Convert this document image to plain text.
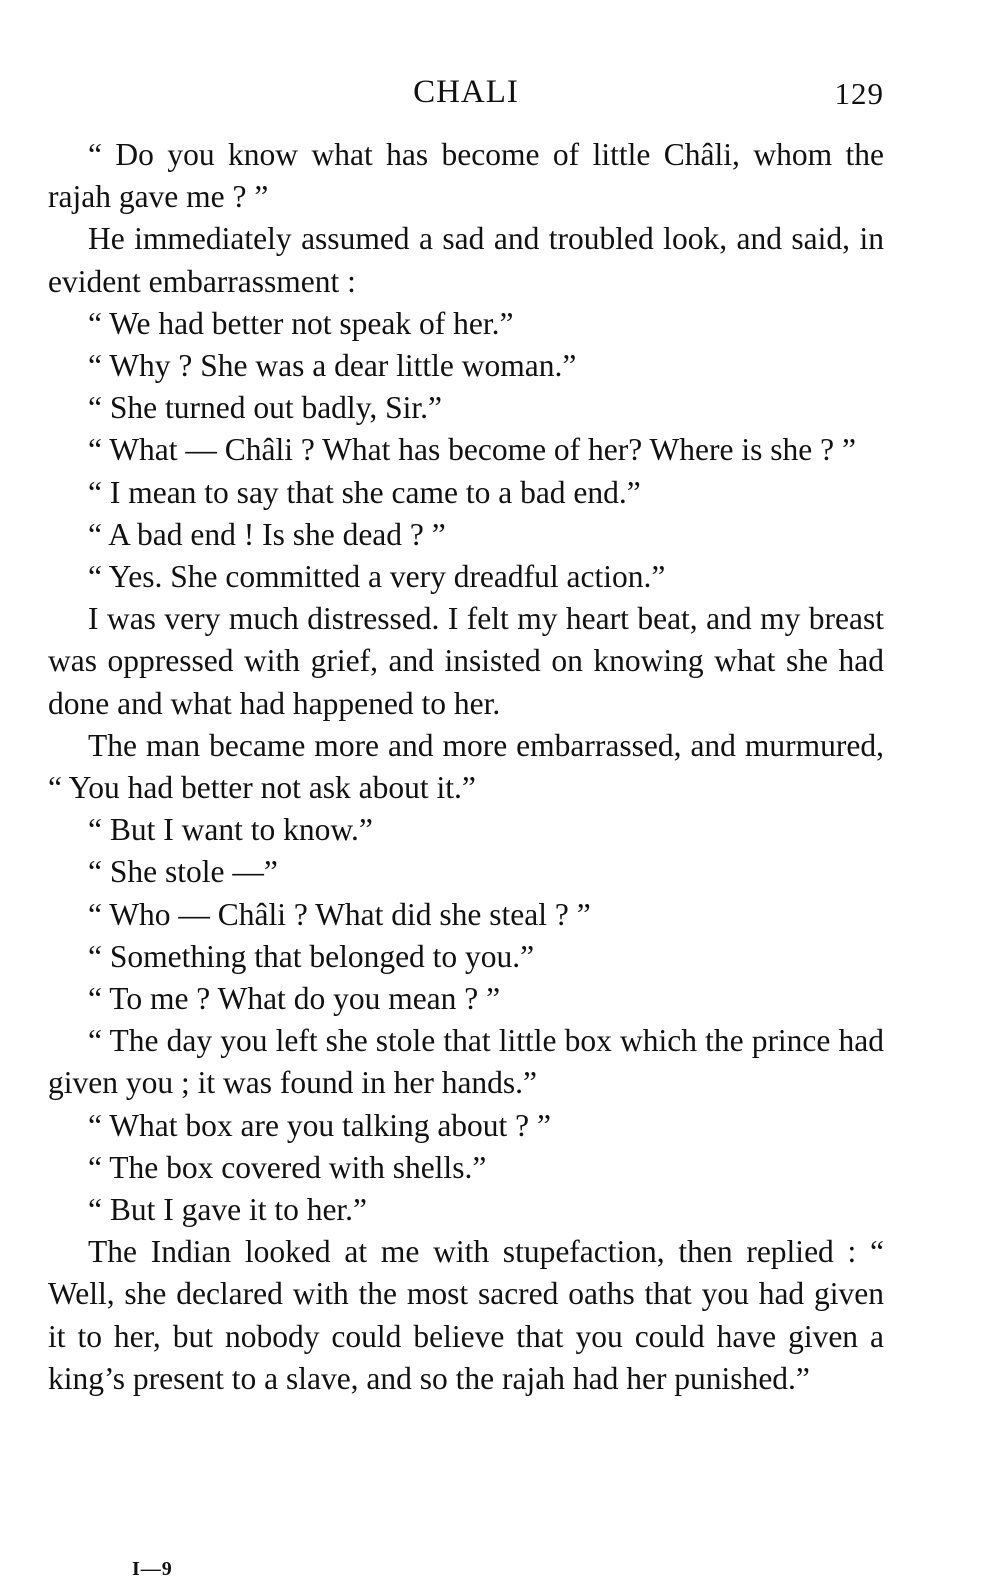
CHALI	129

“ Do you know what has become of little Châli, whom the rajah gave me ? ”

He immediately assumed a sad and troubled look, and said, in evident embarrassment :

“ We had better not speak of her.”

“ Why ? She was a dear little woman.”

“ She turned out badly, Sir.”

“ What — Châli ? What has become of her? Where is she ? ”

“ I mean to say that she came to a bad end.”

“ A bad end ! Is she dead ? ”

“ Yes. She committed a very dreadful action.”

I was very much distressed. I felt my heart beat, and my breast was oppressed with grief, and insisted on knowing what she had done and what had happened to her.

The man became more and more embarrassed, and murmured, “ You had better not ask about it.”

“ But I want to know.”

“ She stole —”

“ Who — Châli ? What did she steal ? ”

“ Something that belonged to you.”

“ To me ? What do you mean ? ”

“ The day you left she stole that little box which the prince had given you ; it was found in her hands.”

“ What box are you talking about ? ”

“ The box covered with shells.”

“ But I gave it to her.”

The Indian looked at me with stupefaction, then replied : “ Well, she declared with the most sacred oaths that you had given it to her, but nobody could believe that you could have given a king’s present to a slave, and so the rajah had her punished.”

I—9
